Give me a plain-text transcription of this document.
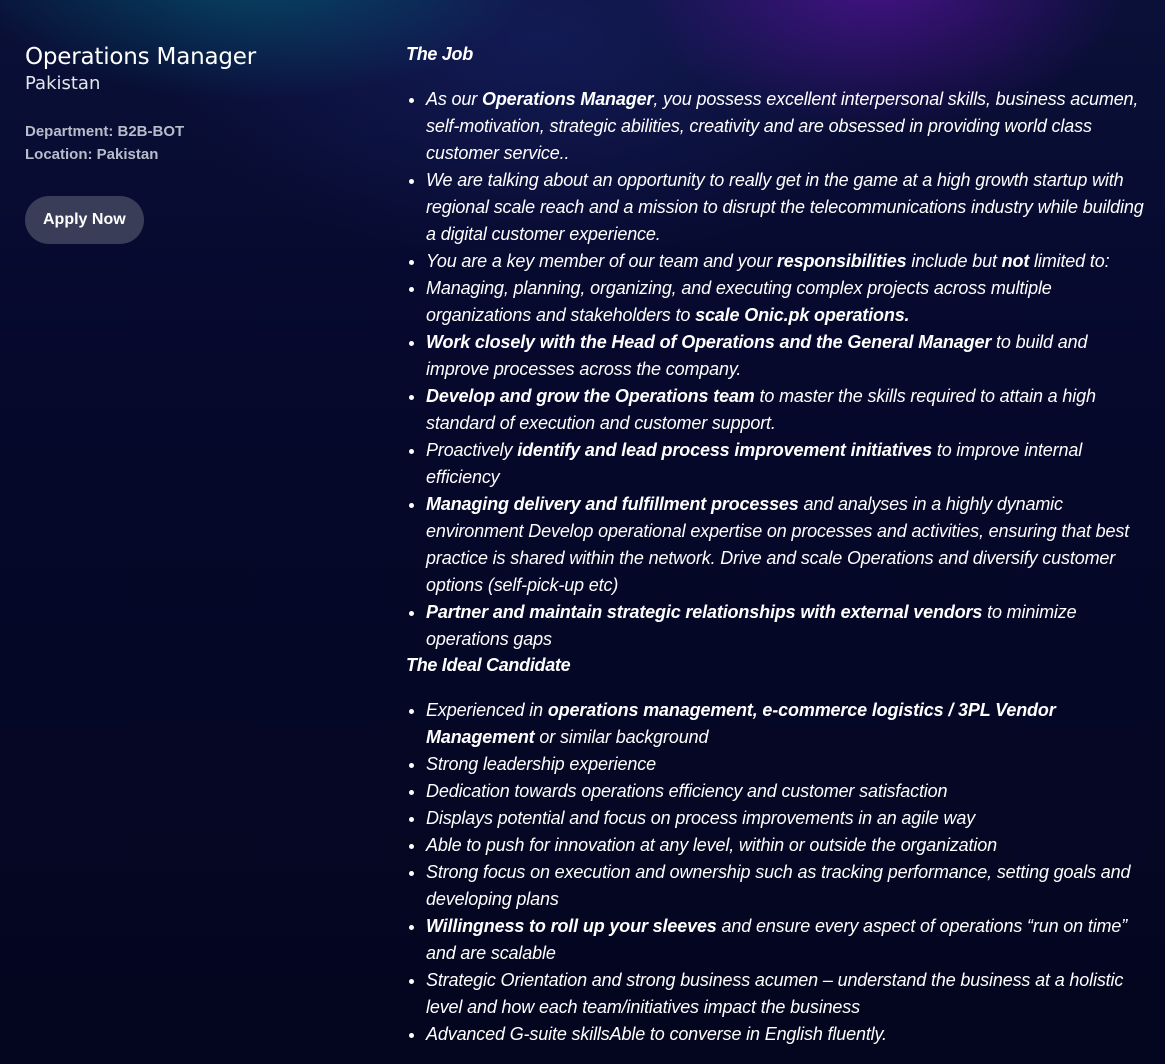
Operations Manager

Pakistan

Department: B2B-BOT
Location: Pakistan
Apply Now
The Job
• As our Operations Manager, you possess excellent interpersonal skills, business acumen, self-motivation, strategic abilities, creativity and are obsessed in providing world class customer service..
• We are talking about an opportunity to really get in the game at a high growth startup with regional scale reach and a mission to disrupt the telecommunications industry while building a digital customer experience.
• You are a key member of our team and your responsibilities include but not limited to:
• Managing, planning, organizing, and executing complex projects across multiple organizations and stakeholders to scale Onic.pk operations.
• Work closely with the Head of Operations and the General Manager to build and improve processes across the company.
• Develop and grow the Operations team to master the skills required to attain a high standard of execution and customer support.
• Proactively identify and lead process improvement initiatives to improve internal efficiency
• Managing delivery and fulfillment processes and analyses in a highly dynamic environment Develop operational expertise on processes and activities, ensuring that best practice is shared within the network. Drive and scale Operations and diversify customer options (self-pick-up etc)
• Partner and maintain strategic relationships with external vendors to minimize operations gaps
The Ideal Candidate
• Experienced in operations management, e-commerce logistics / 3PL Vendor Management or similar background
• Strong leadership experience
• Dedication towards operations efficiency and customer satisfaction
• Displays potential and focus on process improvements in an agile way
• Able to push for innovation at any level, within or outside the organization
• Strong focus on execution and ownership such as tracking performance, setting goals and developing plans
• Willingness to roll up your sleeves and ensure every aspect of operations “run on time” and are scalable
• Strategic Orientation and strong business acumen – understand the business at a holistic level and how each team/initiatives impact the business
• Advanced G-suite skillsAble to converse in English fluently.
